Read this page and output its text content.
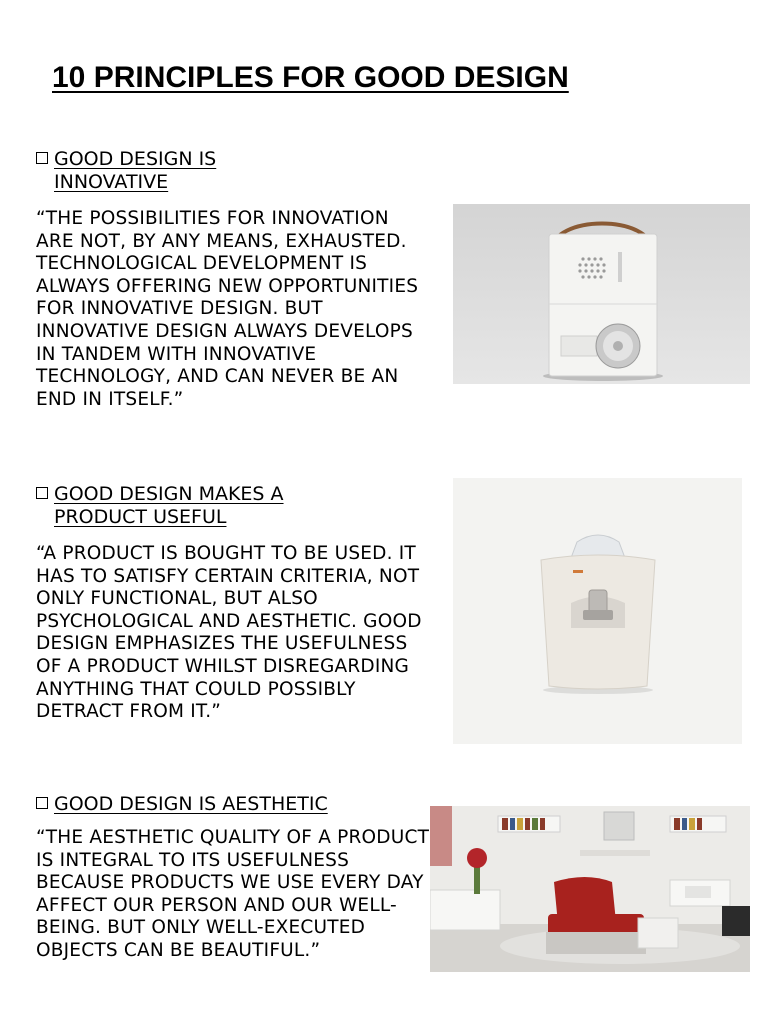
10 PRINCIPLES FOR GOOD DESIGN
GOOD DESIGN IS
INNOVATIVE
“THE POSSIBILITIES FOR INNOVATION ARE NOT, BY ANY MEANS, EXHAUSTED. TECHNOLOGICAL DEVELOPMENT IS ALWAYS OFFERING NEW OPPORTUNITIES FOR INNOVATIVE DESIGN. BUT INNOVATIVE DESIGN ALWAYS DEVELOPS IN TANDEM WITH INNOVATIVE TECHNOLOGY, AND CAN NEVER BE AN END IN ITSELF.”
GOOD DESIGN MAKES A
PRODUCT USEFUL
“A PRODUCT IS BOUGHT TO BE USED. IT HAS TO SATISFY CERTAIN CRITERIA, NOT ONLY FUNCTIONAL, BUT ALSO PSYCHOLOGICAL AND AESTHETIC. GOOD DESIGN EMPHASIZES THE USEFULNESS OF A PRODUCT WHILST DISREGARDING ANYTHING THAT COULD POSSIBLY DETRACT FROM IT.”
GOOD DESIGN IS AESTHETIC
“THE AESTHETIC QUALITY OF A PRODUCT IS INTEGRAL TO ITS USEFULNESS BECAUSE PRODUCTS WE USE EVERY DAY AFFECT OUR PERSON AND OUR WELL-BEING. BUT ONLY WELL-EXECUTED OBJECTS CAN BE BEAUTIFUL.”
